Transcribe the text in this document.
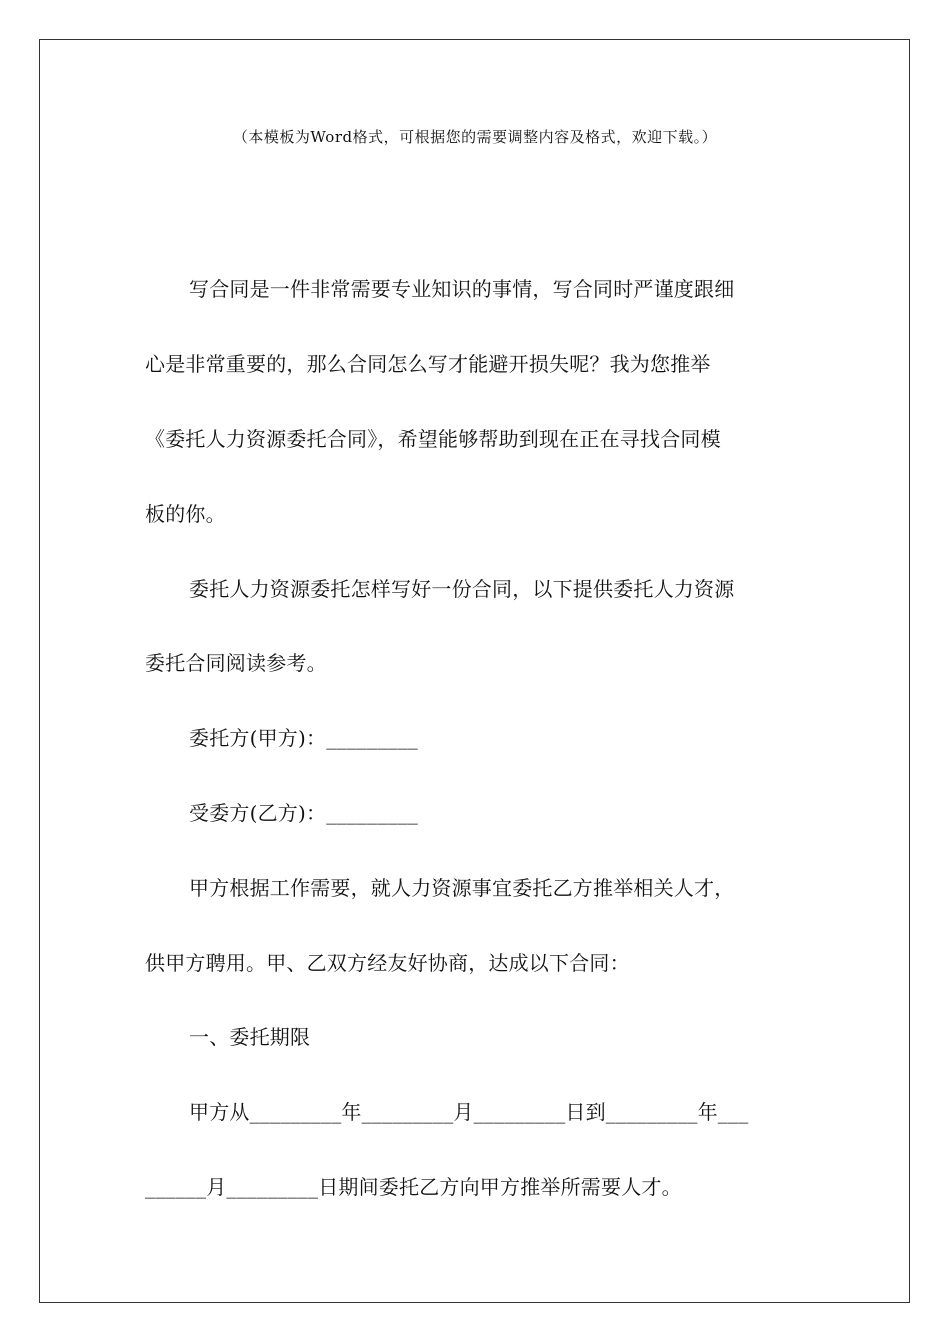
（本模板为Word格式，可根据您的需要调整内容及格式，欢迎下载。）
写合同是一件非常需要专业知识的事情，写合同时严谨度跟细
心是非常重要的，那么合同怎么写才能避开损失呢？我为您推举
《委托人力资源委托合同》，希望能够帮助到现在正在寻找合同模
板的你。
委托人力资源委托怎样写好一份合同，以下提供委托人力资源
委托合同阅读参考。
委托方(甲方)：_________
受委方(乙方)：_________
甲方根据工作需要，就人力资源事宜委托乙方推举相关人才，
供甲方聘用。甲、乙双方经友好协商，达成以下合同：
一、委托期限
甲方从_________年_________月_________日到_________年___
______月_________日期间委托乙方向甲方推举所需要人才。
